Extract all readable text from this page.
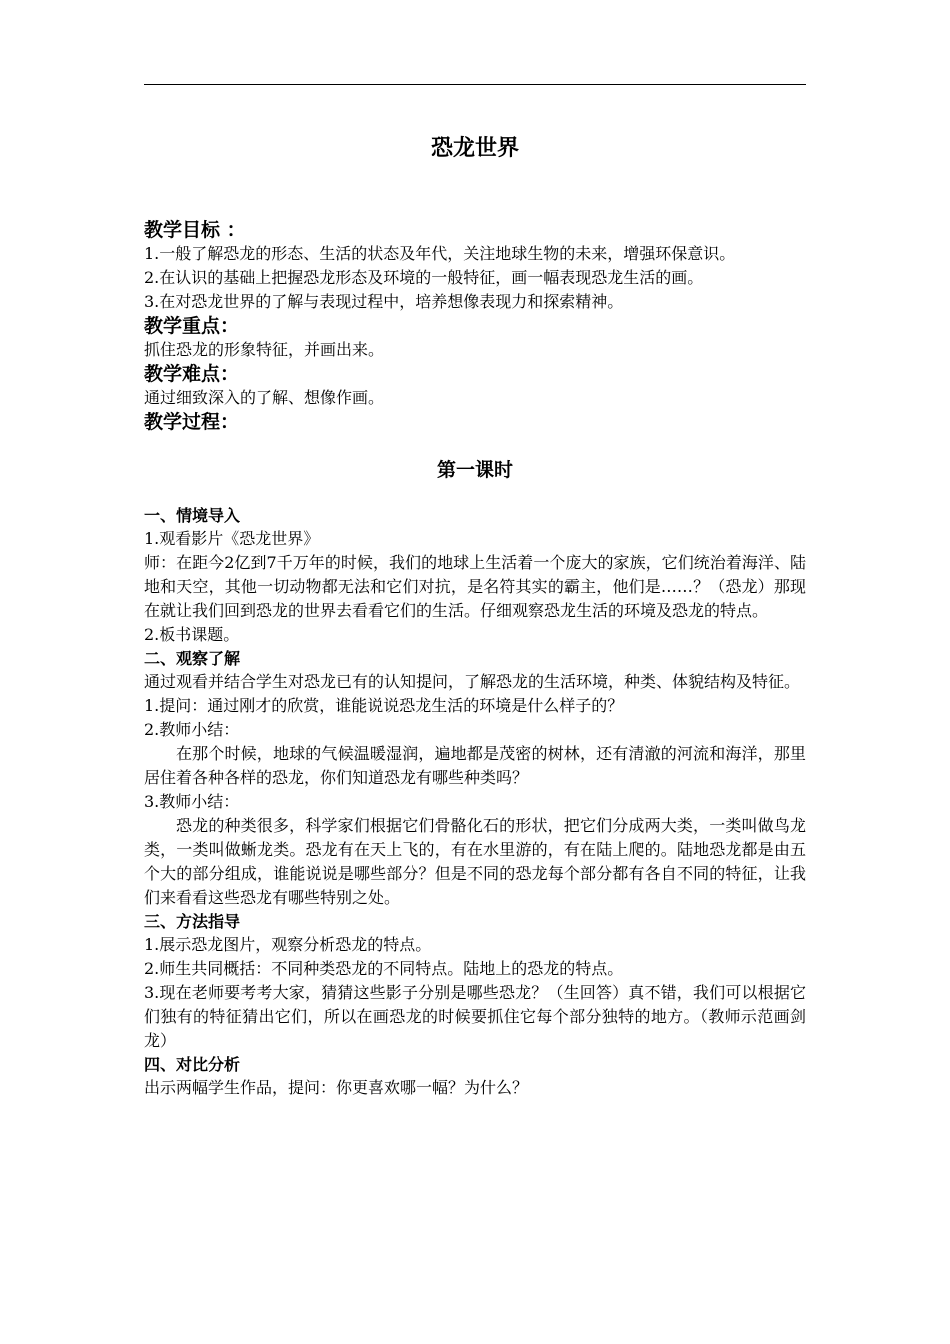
恐龙世界
教学目标 ：

1.一般了解恐龙的形态、生活的状态及年代，关注地球生物的未来，增强环保意识。

2.在认识的基础上把握恐龙形态及环境的一般特征，画一幅表现恐龙生活的画。

3.在对恐龙世界的了解与表现过程中，培养想像表现力和探索精神。

教学重点：

抓住恐龙的形象特征，并画出来。

教学难点：

通过细致深入的了解、想像作画。

教学过程：
第一课时
一、情境导入

1.观看影片《恐龙世界》

师：在距今2亿到7千万年的时候，我们的地球上生活着一个庞大的家族，它们统治着海洋、陆地和天空，其他一切动物都无法和它们对抗，是名符其实的霸主，他们是……？（恐龙）那现在就让我们回到恐龙的世界去看看它们的生活。仔细观察恐龙生活的环境及恐龙的特点。

2.板书课题。

二、观察了解

通过观看并结合学生对恐龙已有的认知提问，了解恐龙的生活环境，种类、体貌结构及特征。

1.提问：通过刚才的欣赏，谁能说说恐龙生活的环境是什么样子的？

2.教师小结：

在那个时候，地球的气候温暖湿润，遍地都是茂密的树林，还有清澈的河流和海洋，那里居住着各种各样的恐龙，你们知道恐龙有哪些种类吗？

3.教师小结：

恐龙的种类很多，科学家们根据它们骨骼化石的形状，把它们分成两大类，一类叫做鸟龙类，一类叫做蜥龙类。恐龙有在天上飞的，有在水里游的，有在陆上爬的。陆地恐龙都是由五个大的部分组成，谁能说说是哪些部分？但是不同的恐龙每个部分都有各自不同的特征，让我们来看看这些恐龙有哪些特别之处。

三、方法指导

1.展示恐龙图片，观察分析恐龙的特点。

2.师生共同概括：不同种类恐龙的不同特点。陆地上的恐龙的特点。

3.现在老师要考考大家，猜猜这些影子分别是哪些恐龙？（生回答）真不错，我们可以根据它们独有的特征猜出它们，所以在画恐龙的时候要抓住它每个部分独特的地方。（教师示范画剑龙）

四、对比分析

出示两幅学生作品，提问：你更喜欢哪一幅？为什么？
